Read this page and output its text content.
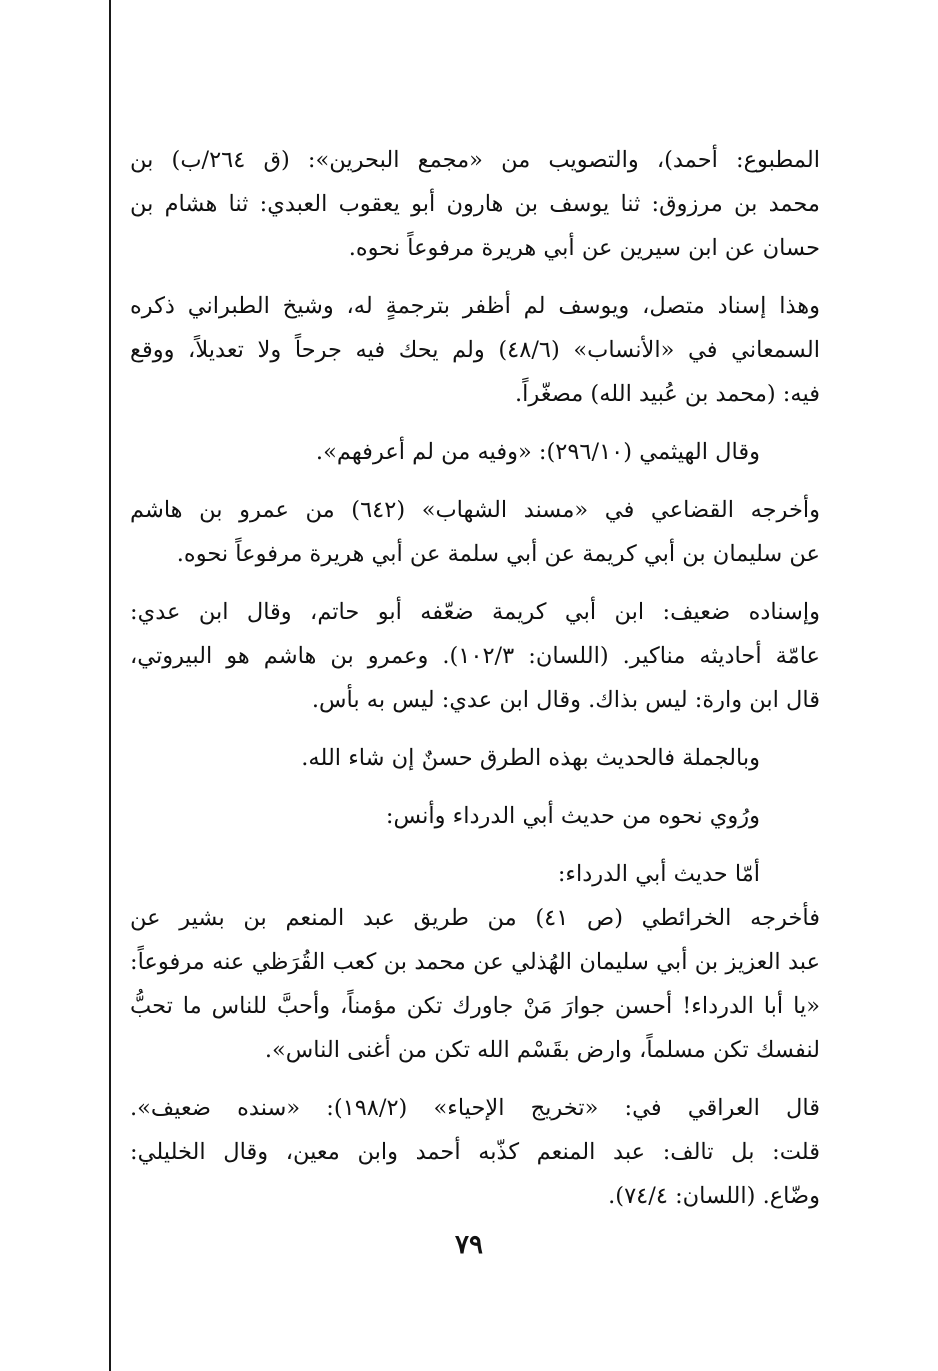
المطبوع: أحمد)، والتصويب من «مجمع البحرين»: (ق ٢٦٤/ب) بن
محمد بن مرزوق: ثنا يوسف بن هارون أبو يعقوب العبدي: ثنا هشام بن
حسان عن ابن سيرين عن أبي هريرة مرفوعاً نحوه.
وهذا إسناد متصل، ويوسف لم أظفر بترجمةٍ له، وشيخ الطبراني ذكره
السمعاني في «الأنساب» (٤٨/٦) ولم يحك فيه جرحاً ولا تعديلاً، ووقع
فيه: (محمد بن عُبيد الله) مصغّراً.
وقال الهيثمي (٢٩٦/١٠): «وفيه من لم أعرفهم».
وأخرجه القضاعي في «مسند الشهاب» (٦٤٢) من عمرو بن هاشم
عن سليمان بن أبي كريمة عن أبي سلمة عن أبي هريرة مرفوعاً نحوه.
وإسناده ضعيف: ابن أبي كريمة ضعّفه أبو حاتم، وقال ابن عدي:
عامّة أحاديثه مناكير. (اللسان: ١٠٢/٣). وعمرو بن هاشم هو البيروتي،
قال ابن وارة: ليس بذاك. وقال ابن عدي: ليس به بأس.
وبالجملة فالحديث بهذه الطرق حسنٌ إن شاء الله.
ورُوي نحوه من حديث أبي الدرداء وأنس:
أمّا حديث أبي الدرداء:
فأخرجه الخرائطي (ص ٤١) من طريق عبد المنعم بن بشير عن
عبد العزيز بن أبي سليمان الهُذلي عن محمد بن كعب القُرَظي عنه مرفوعاً:
«يا أبا الدرداء! أحسن جوارَ مَنْ جاورك تكن مؤمناً، وأحبَّ للناس ما تحبُّ
لنفسك تكن مسلماً، وارض بقَسْم الله تكن من أغنى الناس».
قال العراقي في: «تخريج الإحياء» (١٩٨/٢): «سنده ضعيف».
قلت: بل تالف: عبد المنعم كذّبه أحمد وابن معين، وقال الخليلي:
وضّاع. (اللسان: ٧٤/٤).
٧٩
